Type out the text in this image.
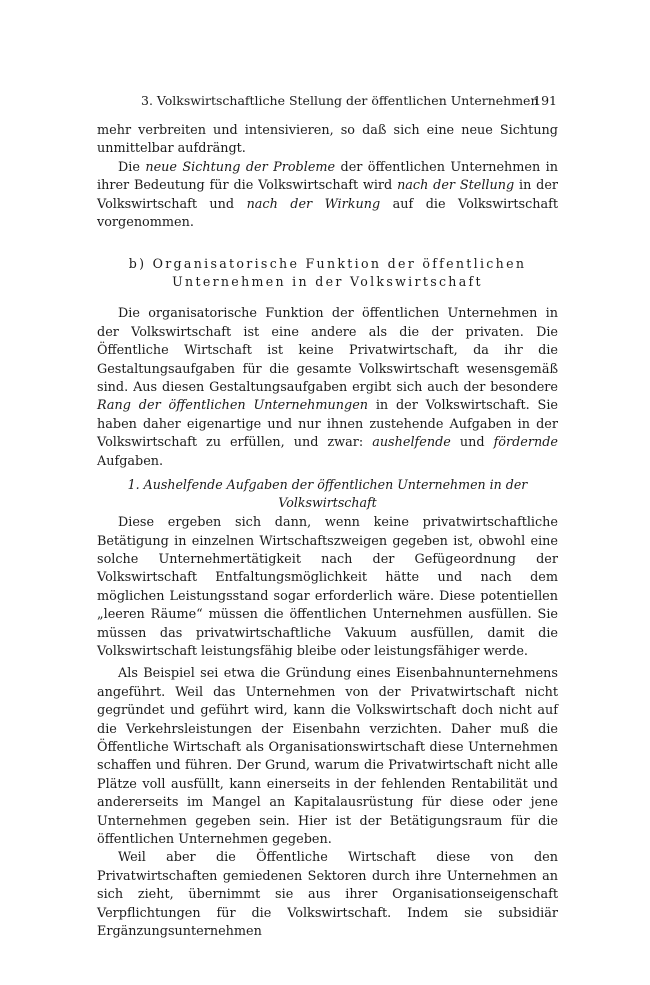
3. Volkswirtschaftliche Stellung der öffentlichen Unternehmen
191

mehr verbreiten und intensivieren, so daß sich eine neue Sichtung unmittelbar aufdrängt.

Die neue Sichtung der Probleme der öffentlichen Unternehmen in ihrer Bedeutung für die Volkswirtschaft wird nach der Stellung in der Volkswirtschaft und nach der Wirkung auf die Volkswirtschaft vorgenommen.

b) Organisatorische Funktion der öffentlichen
Unternehmen in der Volkswirtschaft

Die organisatorische Funktion der öffentlichen Unternehmen in der Volkswirtschaft ist eine andere als die der privaten. Die Öffentliche Wirtschaft ist keine Privatwirtschaft, da ihr die Gestaltungsaufgaben für die gesamte Volkswirtschaft wesensgemäß sind. Aus diesen Gestaltungsaufgaben ergibt sich auch der besondere Rang der öffentlichen Unternehmungen in der Volkswirtschaft. Sie haben daher eigenartige und nur ihnen zustehende Aufgaben in der Volkswirtschaft zu erfüllen, und zwar: aushelfende und fördernde Aufgaben.

1. Aushelfende Aufgaben der öffentlichen Unternehmen in der
Volkswirtschaft

Diese ergeben sich dann, wenn keine privatwirtschaftliche Betätigung in einzelnen Wirtschaftszweigen gegeben ist, obwohl eine solche Unternehmertätigkeit nach der Gefügeordnung der Volkswirtschaft Entfaltungsmöglichkeit hätte und nach dem möglichen Leistungsstand sogar erforderlich wäre. Diese potentiellen „leeren Räume“ müssen die öffentlichen Unternehmen ausfüllen. Sie müssen das privatwirtschaftliche Vakuum ausfüllen, damit die Volkswirtschaft leistungsfähig bleibe oder leistungsfähiger werde.

Als Beispiel sei etwa die Gründung eines Eisenbahnunternehmens angeführt. Weil das Unternehmen von der Privatwirtschaft nicht gegründet und geführt wird, kann die Volkswirtschaft doch nicht auf die Verkehrsleistungen der Eisenbahn verzichten. Daher muß die Öffentliche Wirtschaft als Organisationswirtschaft diese Unternehmen schaffen und führen. Der Grund, warum die Privatwirtschaft nicht alle Plätze voll ausfüllt, kann einerseits in der fehlenden Rentabilität und andererseits im Mangel an Kapitalausrüstung für diese oder jene Unternehmen gegeben sein. Hier ist der Betätigungsraum für die öffentlichen Unternehmen gegeben.

Weil aber die Öffentliche Wirtschaft diese von den Privatwirtschaften gemiedenen Sektoren durch ihre Unternehmen an sich zieht, übernimmt sie aus ihrer Organisationseigenschaft Verpflichtungen für die Volkswirtschaft. Indem sie subsidiär Ergänzungsunternehmen
